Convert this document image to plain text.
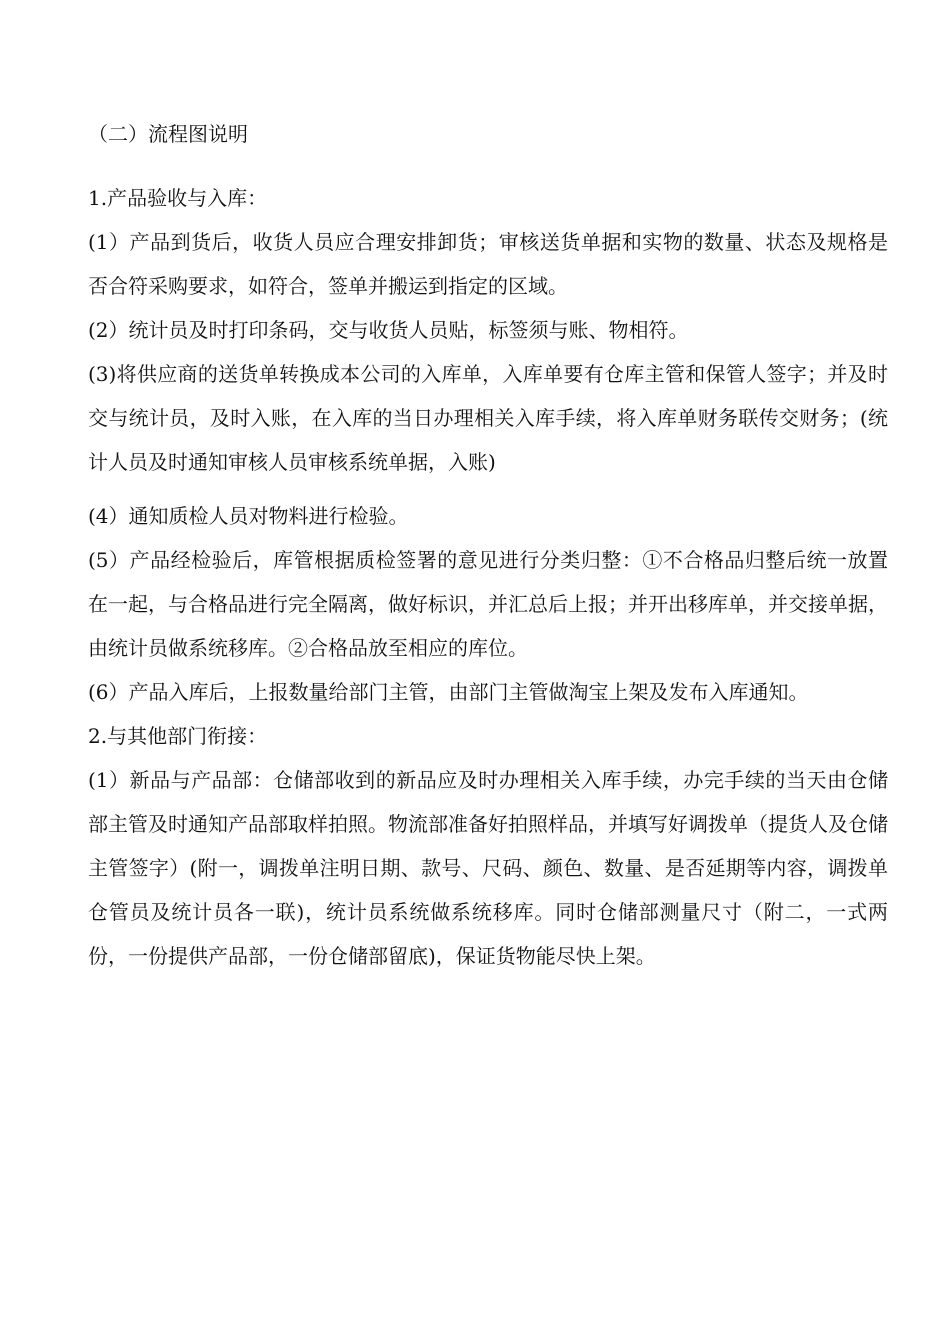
（二）流程图说明

1.产品验收与入库：

(1）产品到货后，收货人员应合理安排卸货；审核送货单据和实物的数量、状态及规格是否合符采购要求，如符合，签单并搬运到指定的区域。

(2）统计员及时打印条码，交与收货人员贴，标签须与账、物相符。

(3)将供应商的送货单转换成本公司的入库单，入库单要有仓库主管和保管人签字；并及时交与统计员，及时入账，在入库的当日办理相关入库手续，将入库单财务联传交财务；(统计人员及时通知审核人员审核系统单据，入账)

(4）通知质检人员对物料进行检验。

(5）产品经检验后，库管根据质检签署的意见进行分类归整：①不合格品归整后统一放置在一起，与合格品进行完全隔离，做好标识，并汇总后上报；并开出移库单，并交接单据，由统计员做系统移库。②合格品放至相应的库位。

(6）产品入库后，上报数量给部门主管，由部门主管做淘宝上架及发布入库通知。

2.与其他部门衔接：

(1）新品与产品部：仓储部收到的新品应及时办理相关入库手续，办完手续的当天由仓储部主管及时通知产品部取样拍照。物流部准备好拍照样品，并填写好调拨单（提货人及仓储主管签字）(附一，调拨单注明日期、款号、尺码、颜色、数量、是否延期等内容，调拨单仓管员及统计员各一联)，统计员系统做系统移库。同时仓储部测量尺寸（附二，一式两份，一份提供产品部，一份仓储部留底)，保证货物能尽快上架。
